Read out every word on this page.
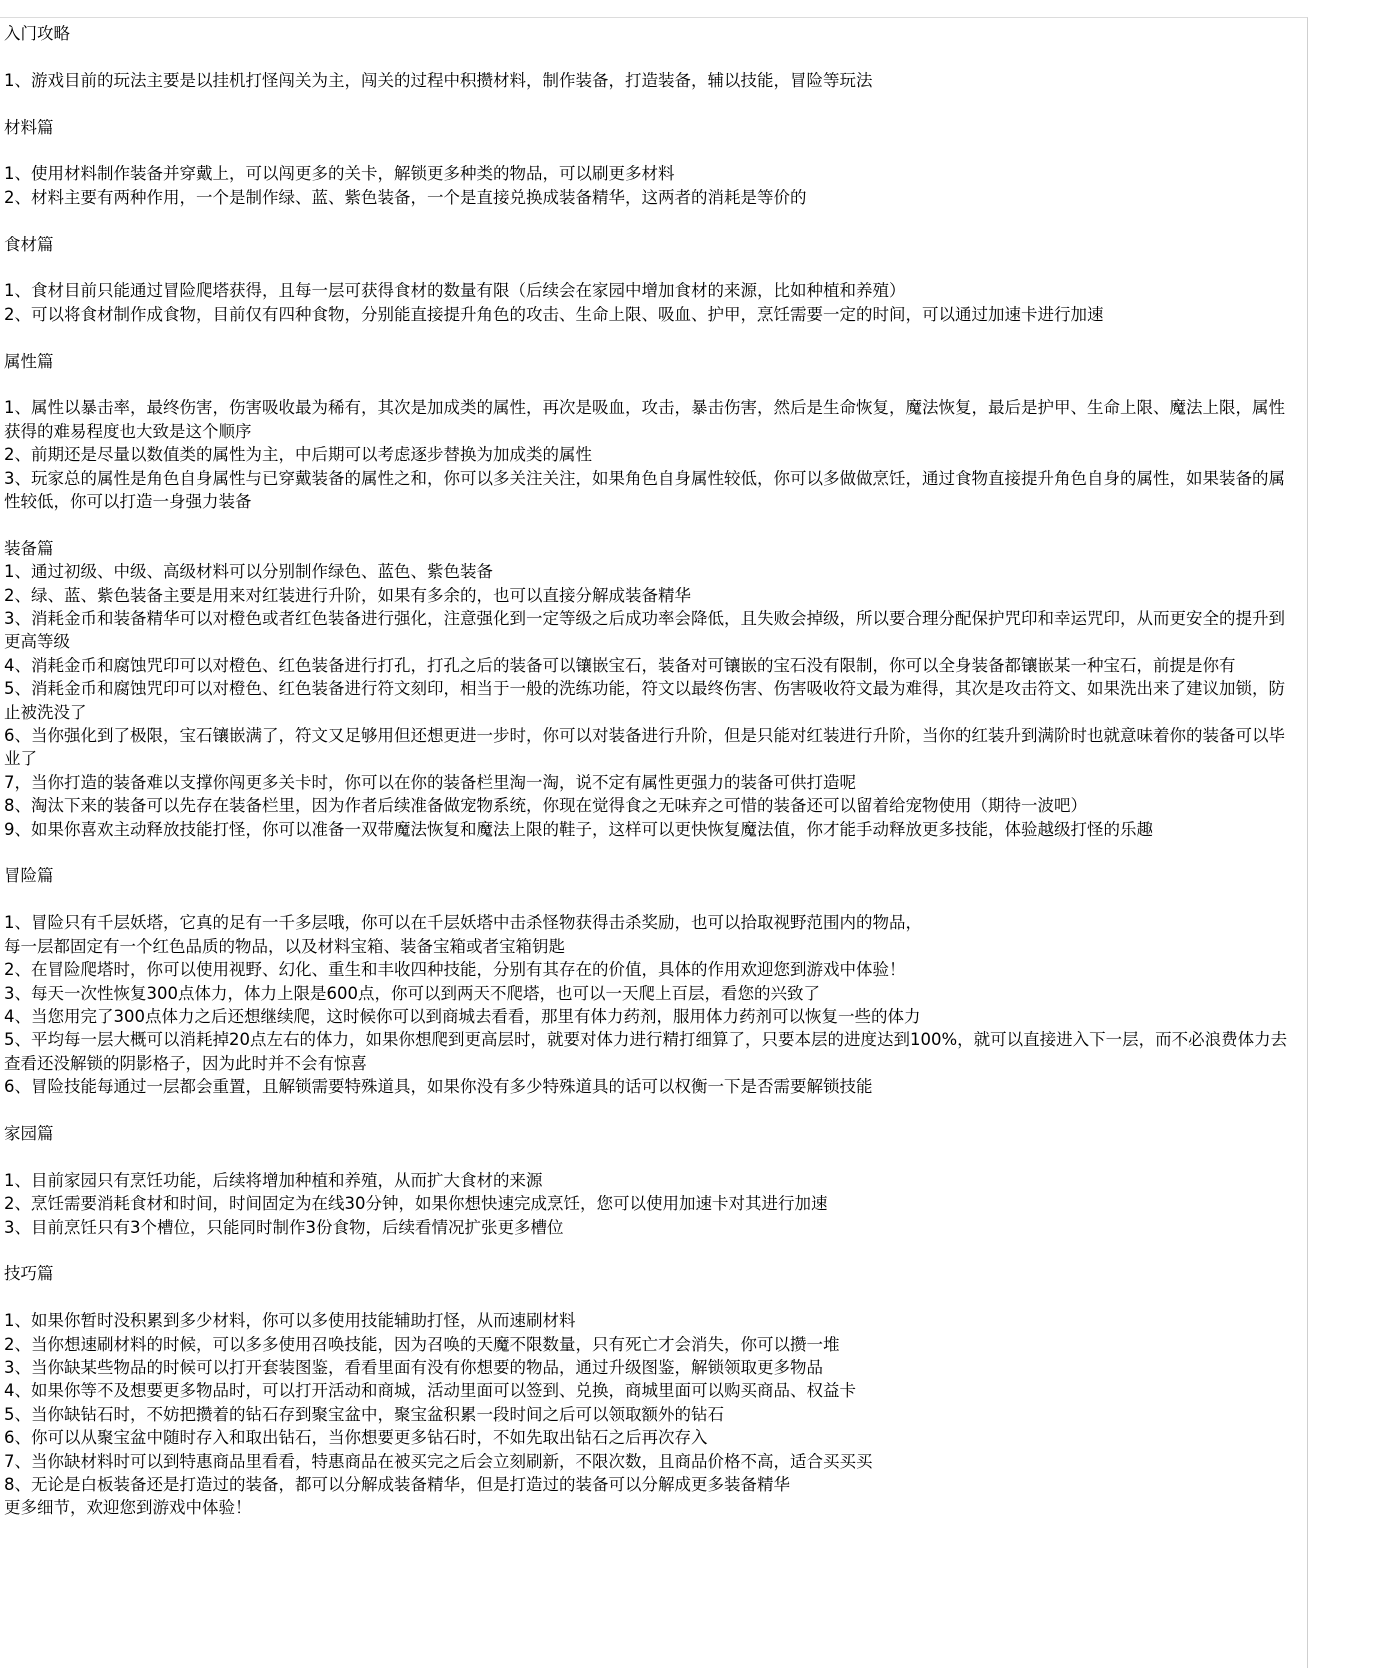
入门攻略
1、游戏目前的玩法主要是以挂机打怪闯关为主，闯关的过程中积攒材料，制作装备，打造装备，辅以技能，冒险等玩法
材料篇
1、使用材料制作装备并穿戴上，可以闯更多的关卡，解锁更多种类的物品，可以刷更多材料
2、材料主要有两种作用，一个是制作绿、蓝、紫色装备，一个是直接兑换成装备精华，这两者的消耗是等价的
食材篇
1、食材目前只能通过冒险爬塔获得，且每一层可获得食材的数量有限（后续会在家园中增加食材的来源，比如种植和养殖）
2、可以将食材制作成食物，目前仅有四种食物，分别能直接提升角色的攻击、生命上限、吸血、护甲，烹饪需要一定的时间，可以通过加速卡进行加速
属性篇
1、属性以暴击率，最终伤害，伤害吸收最为稀有，其次是加成类的属性，再次是吸血，攻击，暴击伤害，然后是生命恢复，魔法恢复，最后是护甲、生命上限、魔法上限，属性获得的难易程度也大致是这个顺序
2、前期还是尽量以数值类的属性为主，中后期可以考虑逐步替换为加成类的属性
3、玩家总的属性是角色自身属性与已穿戴装备的属性之和，你可以多关注关注，如果角色自身属性较低，你可以多做做烹饪，通过食物直接提升角色自身的属性，如果装备的属性较低，你可以打造一身强力装备
装备篇
1、通过初级、中级、高级材料可以分别制作绿色、蓝色、紫色装备
2、绿、蓝、紫色装备主要是用来对红装进行升阶，如果有多余的，也可以直接分解成装备精华
3、消耗金币和装备精华可以对橙色或者红色装备进行强化，注意强化到一定等级之后成功率会降低，且失败会掉级，所以要合理分配保护咒印和幸运咒印，从而更安全的提升到更高等级
4、消耗金币和腐蚀咒印可以对橙色、红色装备进行打孔，打孔之后的装备可以镶嵌宝石，装备对可镶嵌的宝石没有限制，你可以全身装备都镶嵌某一种宝石，前提是你有
5、消耗金币和腐蚀咒印可以对橙色、红色装备进行符文刻印，相当于一般的洗练功能，符文以最终伤害、伤害吸收符文最为难得，其次是攻击符文、如果洗出来了建议加锁，防止被洗没了
6、当你强化到了极限，宝石镶嵌满了，符文又足够用但还想更进一步时，你可以对装备进行升阶，但是只能对红装进行升阶，当你的红装升到满阶时也就意味着你的装备可以毕业了
7，当你打造的装备难以支撑你闯更多关卡时，你可以在你的装备栏里淘一淘，说不定有属性更强力的装备可供打造呢
8、淘汰下来的装备可以先存在装备栏里，因为作者后续准备做宠物系统，你现在觉得食之无味弃之可惜的装备还可以留着给宠物使用（期待一波吧）
9、如果你喜欢主动释放技能打怪，你可以准备一双带魔法恢复和魔法上限的鞋子，这样可以更快恢复魔法值，你才能手动释放更多技能，体验越级打怪的乐趣
冒险篇
1、冒险只有千层妖塔，它真的足有一千多层哦，你可以在千层妖塔中击杀怪物获得击杀奖励，也可以拾取视野范围内的物品，
每一层都固定有一个红色品质的物品，以及材料宝箱、装备宝箱或者宝箱钥匙
2、在冒险爬塔时，你可以使用视野、幻化、重生和丰收四种技能，分别有其存在的价值，具体的作用欢迎您到游戏中体验！
3、每天一次性恢复300点体力，体力上限是600点，你可以到两天不爬塔，也可以一天爬上百层，看您的兴致了
4、当您用完了300点体力之后还想继续爬，这时候你可以到商城去看看，那里有体力药剂，服用体力药剂可以恢复一些的体力
5、平均每一层大概可以消耗掉20点左右的体力，如果你想爬到更高层时，就要对体力进行精打细算了，只要本层的进度达到100%，就可以直接进入下一层，而不必浪费体力去查看还没解锁的阴影格子，因为此时并不会有惊喜
6、冒险技能每通过一层都会重置，且解锁需要特殊道具，如果你没有多少特殊道具的话可以权衡一下是否需要解锁技能
家园篇
1、目前家园只有烹饪功能，后续将增加种植和养殖，从而扩大食材的来源
2、烹饪需要消耗食材和时间，时间固定为在线30分钟，如果你想快速完成烹饪，您可以使用加速卡对其进行加速
3、目前烹饪只有3个槽位，只能同时制作3份食物，后续看情况扩张更多槽位
技巧篇
1、如果你暂时没积累到多少材料，你可以多使用技能辅助打怪，从而速刷材料
2、当你想速刷材料的时候，可以多多使用召唤技能，因为召唤的天魔不限数量，只有死亡才会消失，你可以攒一堆
3、当你缺某些物品的时候可以打开套装图鉴，看看里面有没有你想要的物品，通过升级图鉴，解锁领取更多物品
4、如果你等不及想要更多物品时，可以打开活动和商城，活动里面可以签到、兑换，商城里面可以购买商品、权益卡
5、当你缺钻石时，不妨把攒着的钻石存到聚宝盆中，聚宝盆积累一段时间之后可以领取额外的钻石
6、你可以从聚宝盆中随时存入和取出钻石，当你想要更多钻石时，不如先取出钻石之后再次存入
7、当你缺材料时可以到特惠商品里看看，特惠商品在被买完之后会立刻刷新，不限次数，且商品价格不高，适合买买买
8、无论是白板装备还是打造过的装备，都可以分解成装备精华，但是打造过的装备可以分解成更多装备精华
更多细节，欢迎您到游戏中体验！
